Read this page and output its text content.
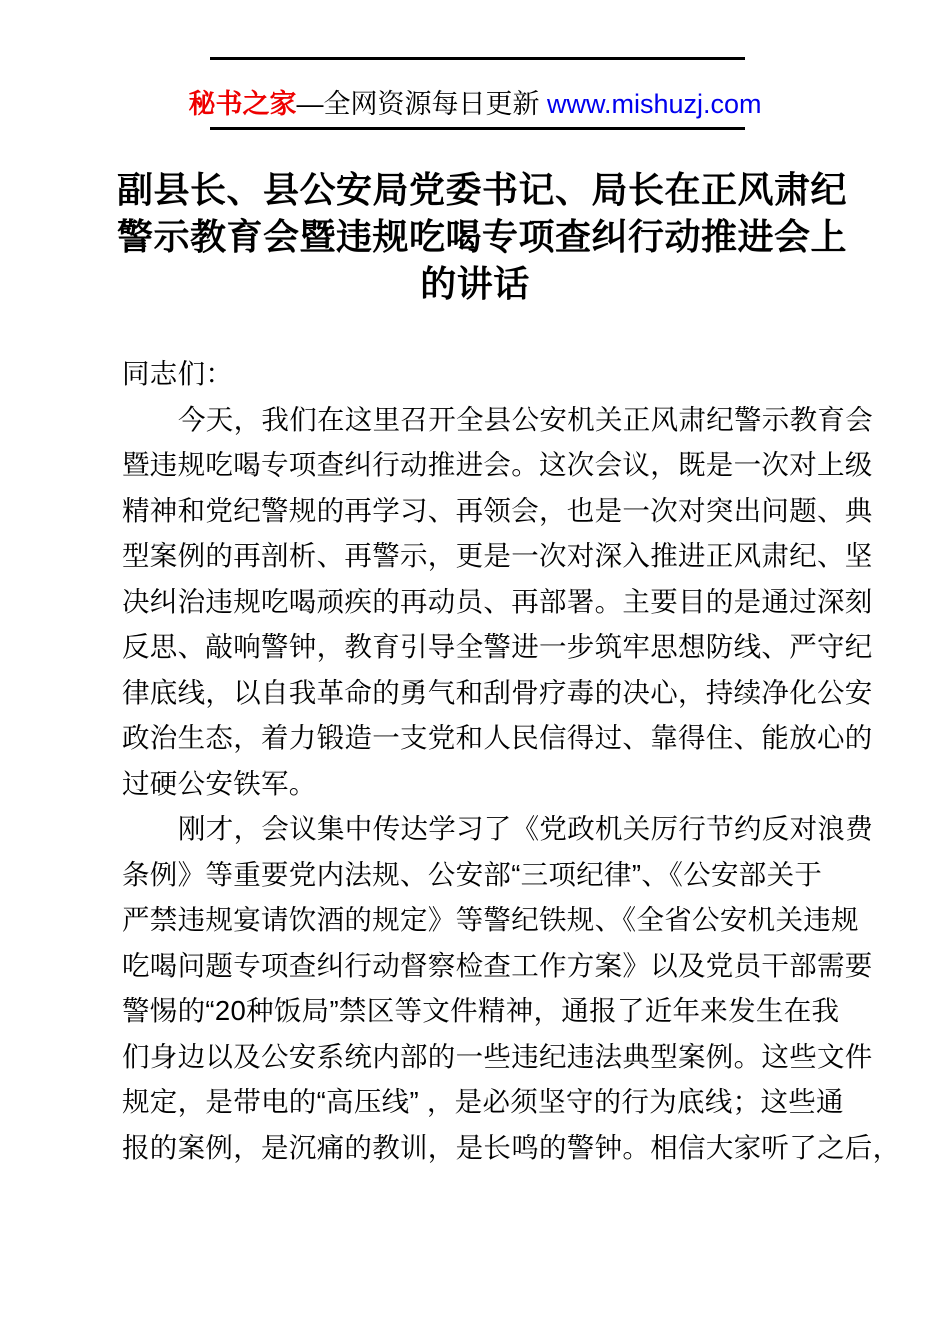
秘书之家—全网资源每日更新 www.mishuzj.com
副县长、县公安局党委书记、局长在正风肃纪
警示教育会暨违规吃喝专项查纠行动推进会上
的讲话
同志们：
今天，我们在这里召开全县公安机关正风肃纪警示教育会
暨违规吃喝专项查纠行动推进会。这次会议，既是一次对上级
精神和党纪警规的再学习、再领会，也是一次对突出问题、典
型案例的再剖析、再警示，更是一次对深入推进正风肃纪、坚
决纠治违规吃喝顽疾的再动员、再部署。主要目的是通过深刻
反思、敲响警钟，教育引导全警进一步筑牢思想防线、严守纪
律底线，以自我革命的勇气和刮骨疗毒的决心，持续净化公安
政治生态，着力锻造一支党和人民信得过、靠得住、能放心的
过硬公安铁军。
刚才，会议集中传达学习了《党政机关厉行节约反对浪费
条例》等重要党内法规、公安部“三项纪律”、《公安部关于
严禁违规宴请饮酒的规定》等警纪铁规、《全省公安机关违规
吃喝问题专项查纠行动督察检查工作方案》以及党员干部需要
警惕的“20种饭局”禁区等文件精神，通报了近年来发生在我
们身边以及公安系统内部的一些违纪违法典型案例。这些文件
规定，是带电的“高压线” ，是必须坚守的行为底线；这些通
报的案例，是沉痛的教训，是长鸣的警钟。相信大家听了之后，
